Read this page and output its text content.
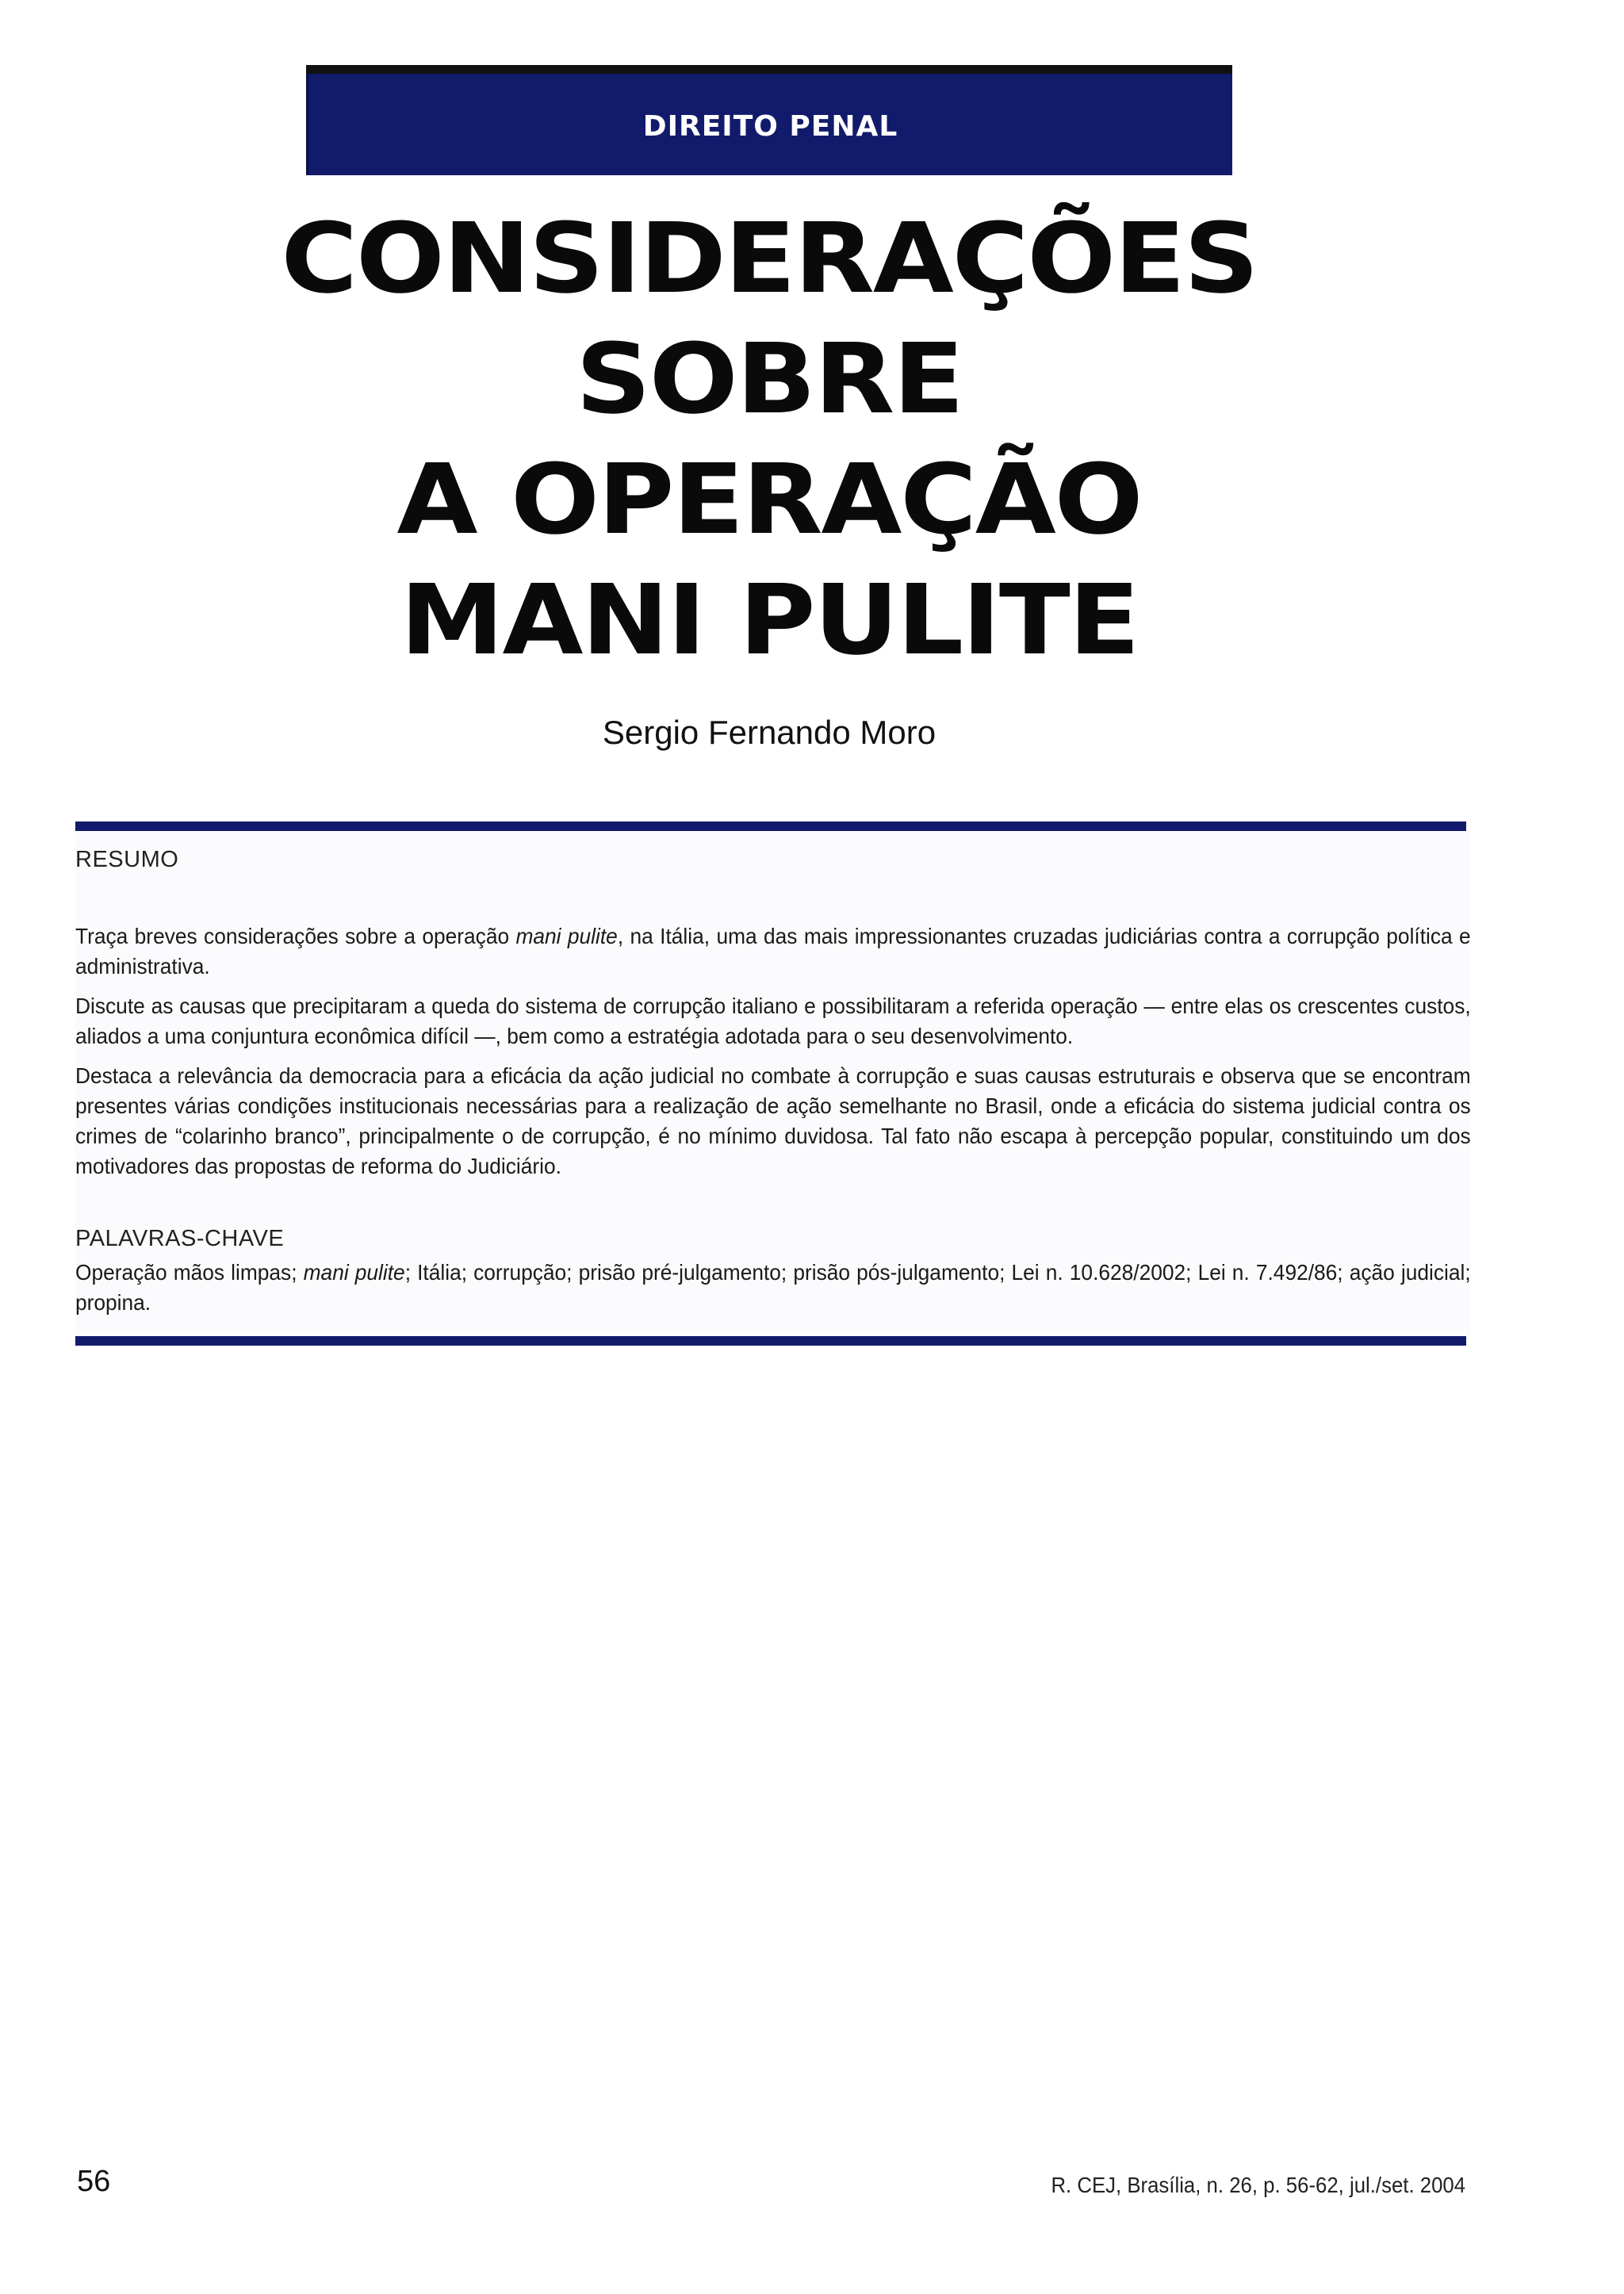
DIREITO PENAL
CONSIDERAÇÕES
SOBRE
A OPERAÇÃO
MANI PULITE
Sergio Fernando Moro
RESUMO

Traça breves considerações sobre a operação mani pulite, na Itália, uma das mais impressionantes cruzadas judiciárias contra a corrupção política e administrativa.

Discute as causas que precipitaram a queda do sistema de corrupção italiano e possibilitaram a referida operação — entre elas os crescentes custos, aliados a uma conjuntura econômica difícil —, bem como a estratégia adotada para o seu desenvolvimento.

Destaca a relevância da democracia para a eficácia da ação judicial no combate à corrupção e suas causas estruturais e observa que se encontram presentes várias condições institucionais necessárias para a realização de ação semelhante no Brasil, onde a eficácia do sistema judicial contra os crimes de “colarinho branco”, principalmente o de corrupção, é no mínimo duvidosa. Tal fato não escapa à percepção popular, constituindo um dos motivadores das propostas de reforma do Judiciário.

PALAVRAS-CHAVE

Operação mãos limpas; mani pulite; Itália; corrupção; prisão pré-julgamento; prisão pós-julgamento; Lei n. 10.628/2002; Lei n. 7.492/86; ação judicial; propina.

56	R. CEJ, Brasília, n. 26, p. 56-62, jul./set. 2004
